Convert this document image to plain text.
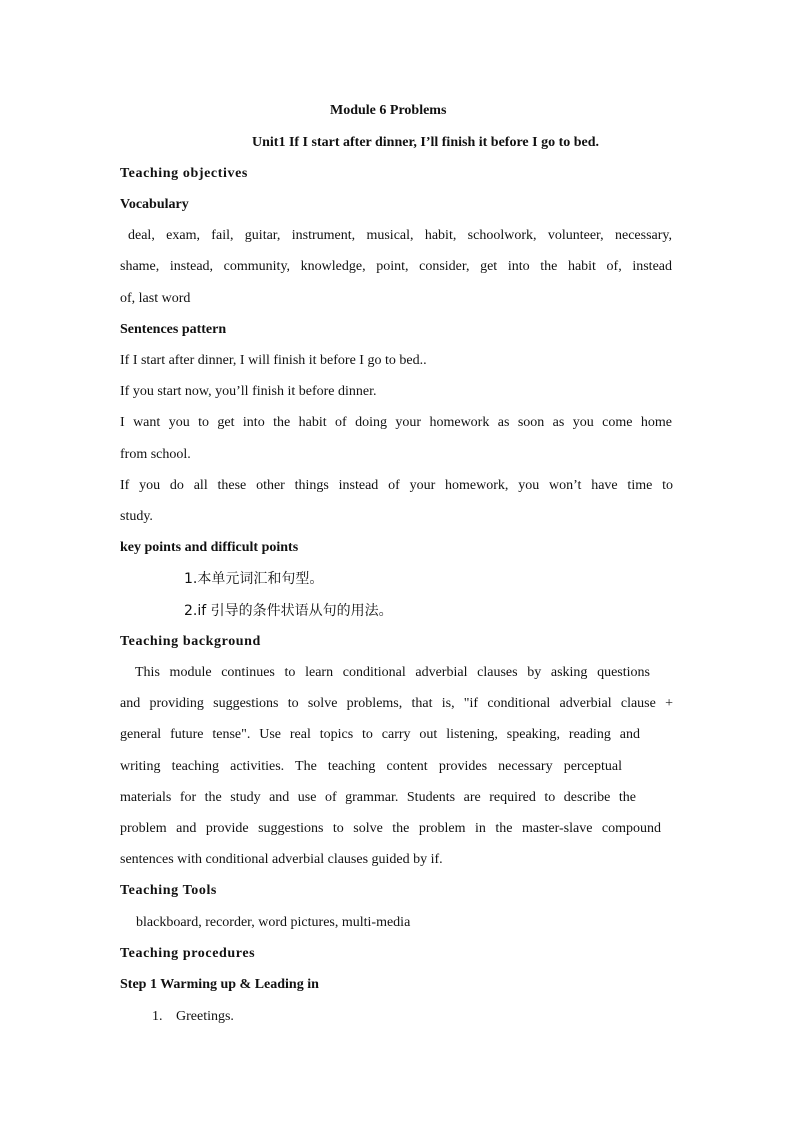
Module 6 Problems
Unit1 If I start after dinner, I’ll finish it before I go to bed.
Teaching objectives
Vocabulary
deal, exam, fail, guitar, instrument, musical, habit, schoolwork, volunteer, necessary,
shame, instead, community, knowledge, point, consider, get into the habit of, instead
of, last word
Sentences pattern
If I start after dinner, I will finish it before I go to bed..
If you start now, you’ll finish it before dinner.
I want you to get into the habit of doing your homework as soon as you come home
from school.
If you do all these other things instead of your homework, you won’t have time to
study.
key points and difficult points
1.本单元词汇和句型。
2.if 引导的条件状语从句的用法。
Teaching background
This module continues to learn conditional adverbial clauses by asking questions
and providing suggestions to solve problems, that is, "if conditional adverbial clause +
general future tense". Use real topics to carry out listening, speaking, reading and
writing teaching activities. The teaching content provides necessary perceptual
materials for the study and use of grammar. Students are required to describe the
problem and provide suggestions to solve the problem in the master-slave compound
sentences with conditional adverbial clauses guided by if.
Teaching Tools
blackboard, recorder, word pictures, multi-media
Teaching procedures
Step 1 Warming up & Leading in
1. Greetings.
